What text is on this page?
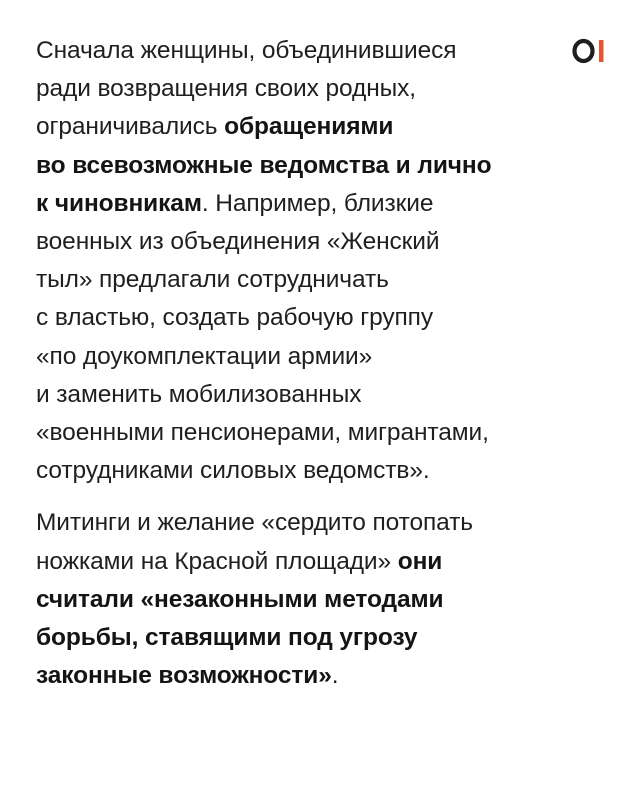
Сначала женщины, объединившиеся
ради возвращения своих родных,
ограничивались обращениями
во всевозможные ведомства и лично
к чиновникам. Например, близкие
военных из объединения «Женский
тыл» предлагали сотрудничать
с властью, создать рабочую группу
«по доукомплектации армии»
и заменить мобилизованных
«военными пенсионерами, мигрантами,
сотрудниками силовых ведомств».

Митинги и желание «сердито потопать
ножками на Красной площади» они
считали «незаконными методами
борьбы, ставящими под угрозу
законные возможности».
